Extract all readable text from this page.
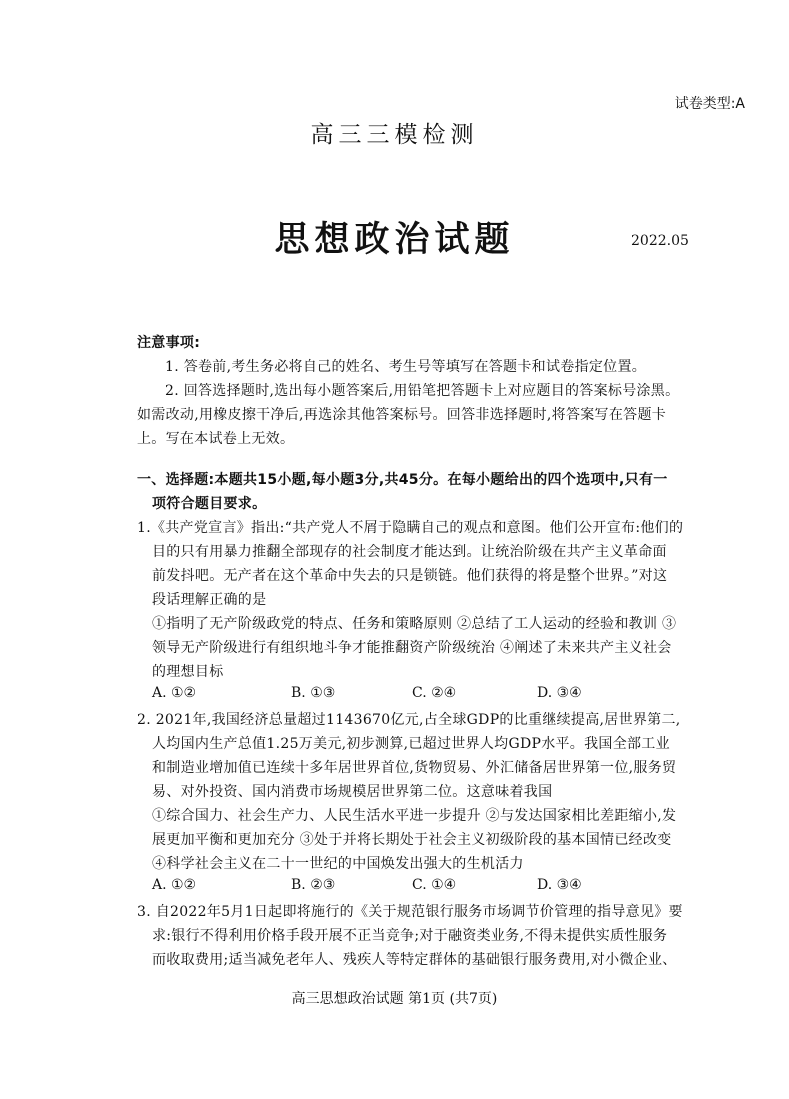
试卷类型:A

高三三模检测

思想政治试题	2022.05

注意事项:

1. 答卷前,考生务必将自己的姓名、考生号等填写在答题卡和试卷指定位置。

2. 回答选择题时,选出每小题答案后,用铅笔把答题卡上对应题目的答案标号涂黑。

如需改动,用橡皮擦干净后,再选涂其他答案标号。回答非选择题时,将答案写在答题卡

上。写在本试卷上无效。

一、选择题:本题共15小题,每小题3分,共45分。在每小题给出的四个选项中,只有一

项符合题目要求。

1.《共产党宣言》指出:“共产党人不屑于隐瞒自己的观点和意图。他们公开宣布:他们的

目的只有用暴力推翻全部现存的社会制度才能达到。让统治阶级在共产主义革命面

前发抖吧。无产者在这个革命中失去的只是锁链。他们获得的将是整个世界。”对这

段话理解正确的是

①指明了无产阶级政党的特点、任务和策略原则 ②总结了工人运动的经验和教训 ③

领导无产阶级进行有组织地斗争才能推翻资产阶级统治 ④阐述了未来共产主义社会

的理想目标

A. ①②	B. ①③	C. ②④	D. ③④

2. 2021年,我国经济总量超过1143670亿元,占全球GDP的比重继续提高,居世界第二,

人均国内生产总值1.25万美元,初步测算,已超过世界人均GDP水平。我国全部工业

和制造业增加值已连续十多年居世界首位,货物贸易、外汇储备居世界第一位,服务贸

易、对外投资、国内消费市场规模居世界第二位。这意味着我国

①综合国力、社会生产力、人民生活水平进一步提升 ②与发达国家相比差距缩小,发

展更加平衡和更加充分 ③处于并将长期处于社会主义初级阶段的基本国情已经改变

④科学社会主义在二十一世纪的中国焕发出强大的生机活力

A. ①②	B. ②③	C. ①④	D. ③④

3. 自2022年5月1日起即将施行的《关于规范银行服务市场调节价管理的指导意见》要

求:银行不得利用价格手段开展不正当竞争;对于融资类业务,不得未提供实质性服务

而收取费用;适当减免老年人、残疾人等特定群体的基础银行服务费用,对小微企业、

高三思想政治试题 第1页 (共7页)
